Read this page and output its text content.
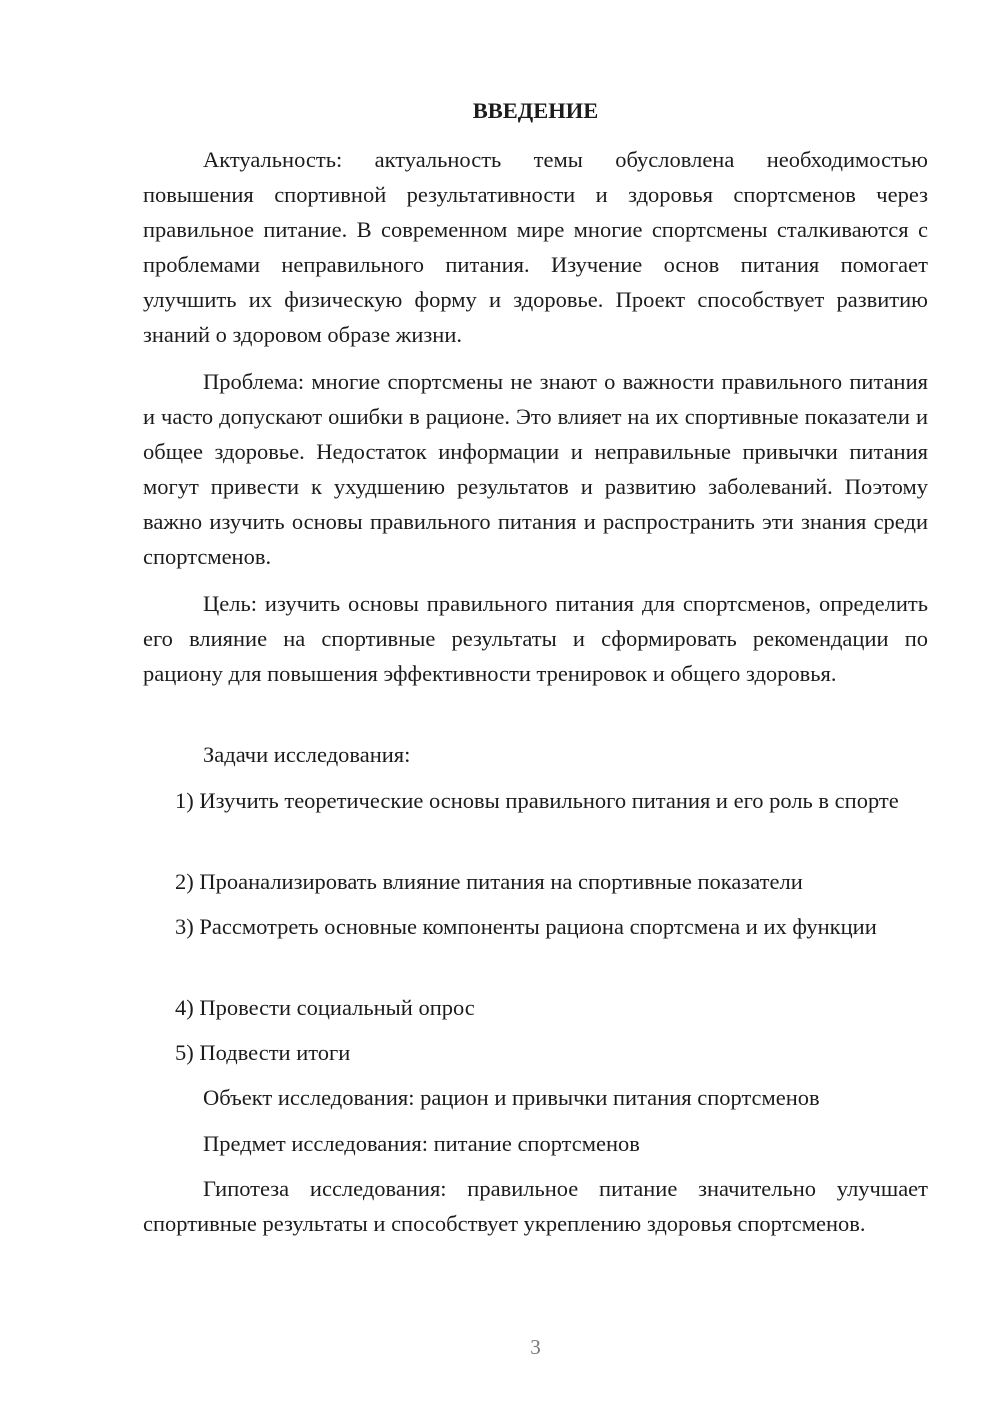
ВВЕДЕНИЕ

Актуальность: актуальность темы обусловлена необходимостью повышения спортивной результативности и здоровья спортсменов через правильное питание. В современном мире многие спортсмены сталкиваются с проблемами неправильного питания. Изучение основ питания помогает улучшить их физическую форму и здоровье. Проект способствует развитию знаний о здоровом образе жизни.

Проблема: многие спортсмены не знают о важности правильного питания и часто допускают ошибки в рационе. Это влияет на их спортивные показатели и общее здоровье. Недостаток информации и неправильные привычки питания могут привести к ухудшению результатов и развитию заболеваний. Поэтому важно изучить основы правильного питания и распространить эти знания среди спортсменов.

Цель: изучить основы правильного питания для спортсменов, определить его влияние на спортивные результаты и сформировать рекомендации по рациону для повышения эффективности тренировок и общего здоровья.

Задачи исследования:

1) Изучить теоретические основы правильного питания и его роль в спорте

2) Проанализировать влияние питания на спортивные показатели

3) Рассмотреть основные компоненты рациона спортсмена и их функции

4) Провести социальный опрос

5) Подвести итоги

Объект исследования: рацион и привычки питания спортсменов

Предмет исследования: питание спортсменов

Гипотеза исследования: правильное питание значительно улучшает спортивные результаты и способствует укреплению здоровья спортсменов.

3
